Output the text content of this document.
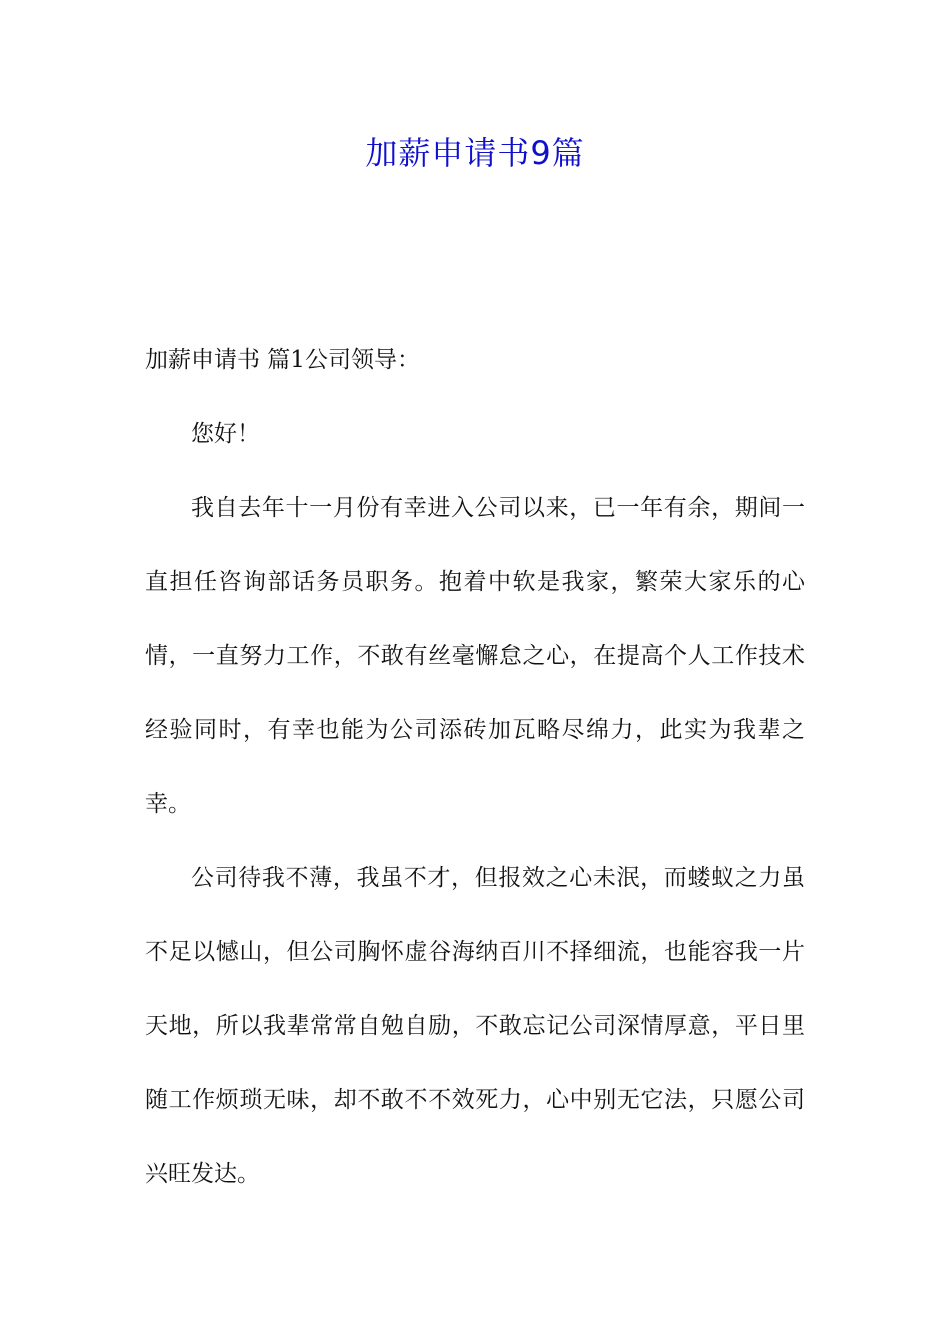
加薪申请书9篇

加薪申请书 篇1公司领导：

您好！

我自去年十一月份有幸进入公司以来，已一年有余，期间一直担任咨询部话务员职务。抱着中软是我家，繁荣大家乐的心情，一直努力工作，不敢有丝毫懈怠之心，在提高个人工作技术经验同时，有幸也能为公司添砖加瓦略尽绵力，此实为我辈之幸。

公司待我不薄，我虽不才，但报效之心未泯，而蝼蚁之力虽不足以憾山，但公司胸怀虚谷海纳百川不择细流，也能容我一片天地，所以我辈常常自勉自励，不敢忘记公司深情厚意，平日里随工作烦琐无味，却不敢不不效死力，心中别无它法，只愿公司兴旺发达。
